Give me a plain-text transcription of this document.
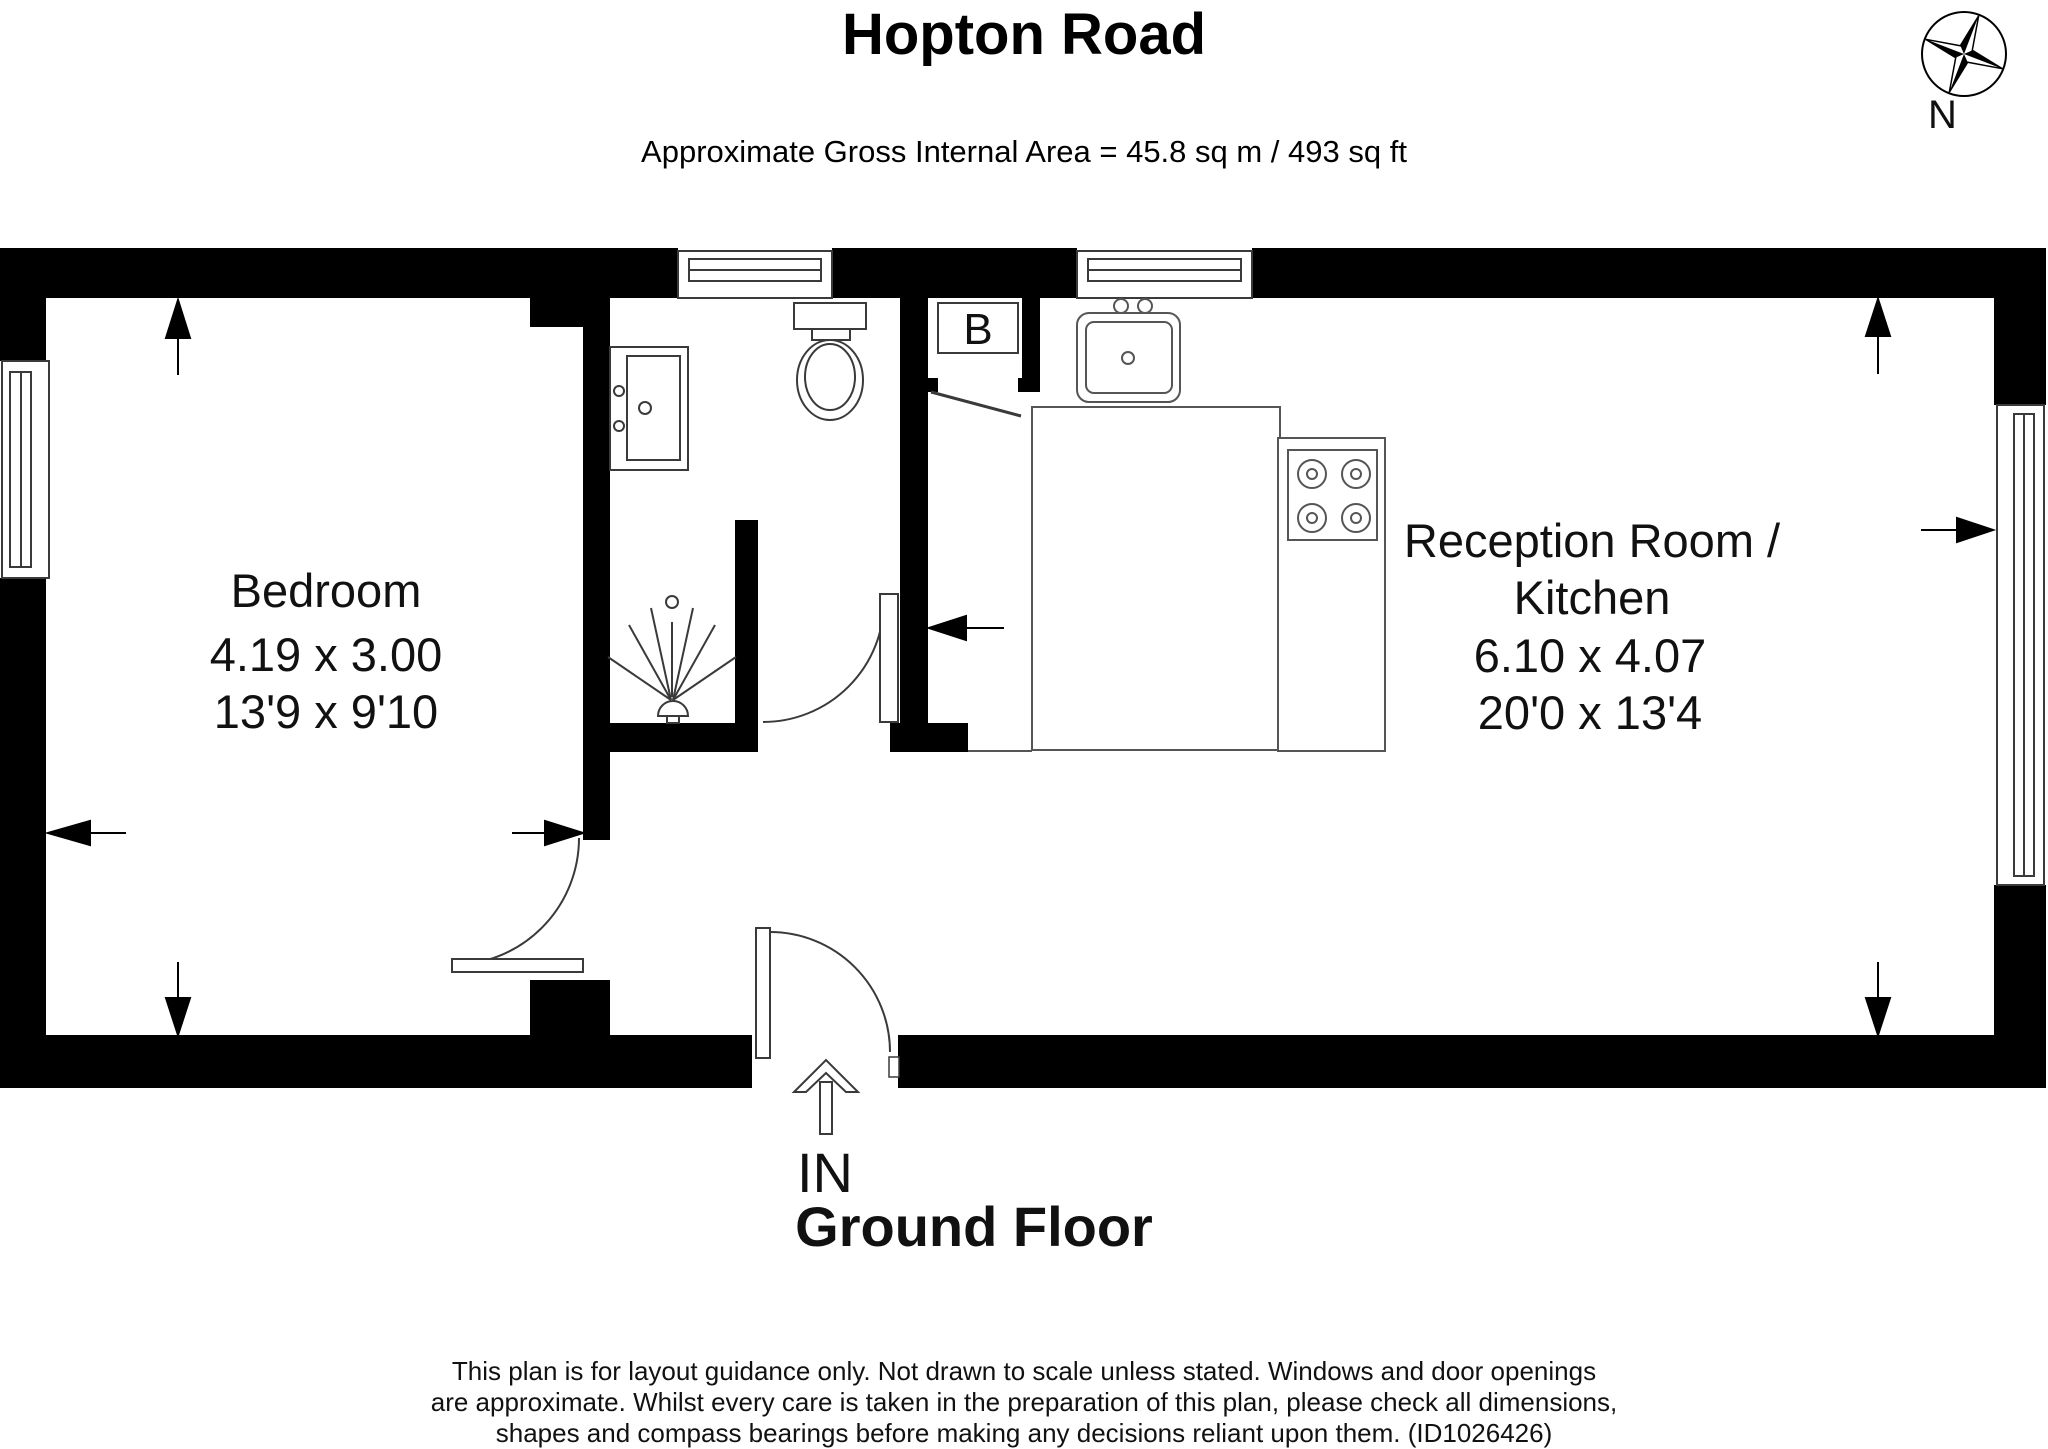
Hopton Road

Approximate Gross Internal Area = 45.8 sq m / 493 sq ft

N
Bedroom
4.19 x 3.00
13'9 x 9'10
Reception Room /
Kitchen
6.10 x 4.07
20'0 x 13'4
B
IN
Ground Floor
This plan is for layout guidance only. Not drawn to scale unless stated. Windows and door openings
are approximate. Whilst every care is taken in the preparation of this plan, please check all dimensions,
shapes and compass bearings before making any decisions reliant upon them. (ID1026426)
